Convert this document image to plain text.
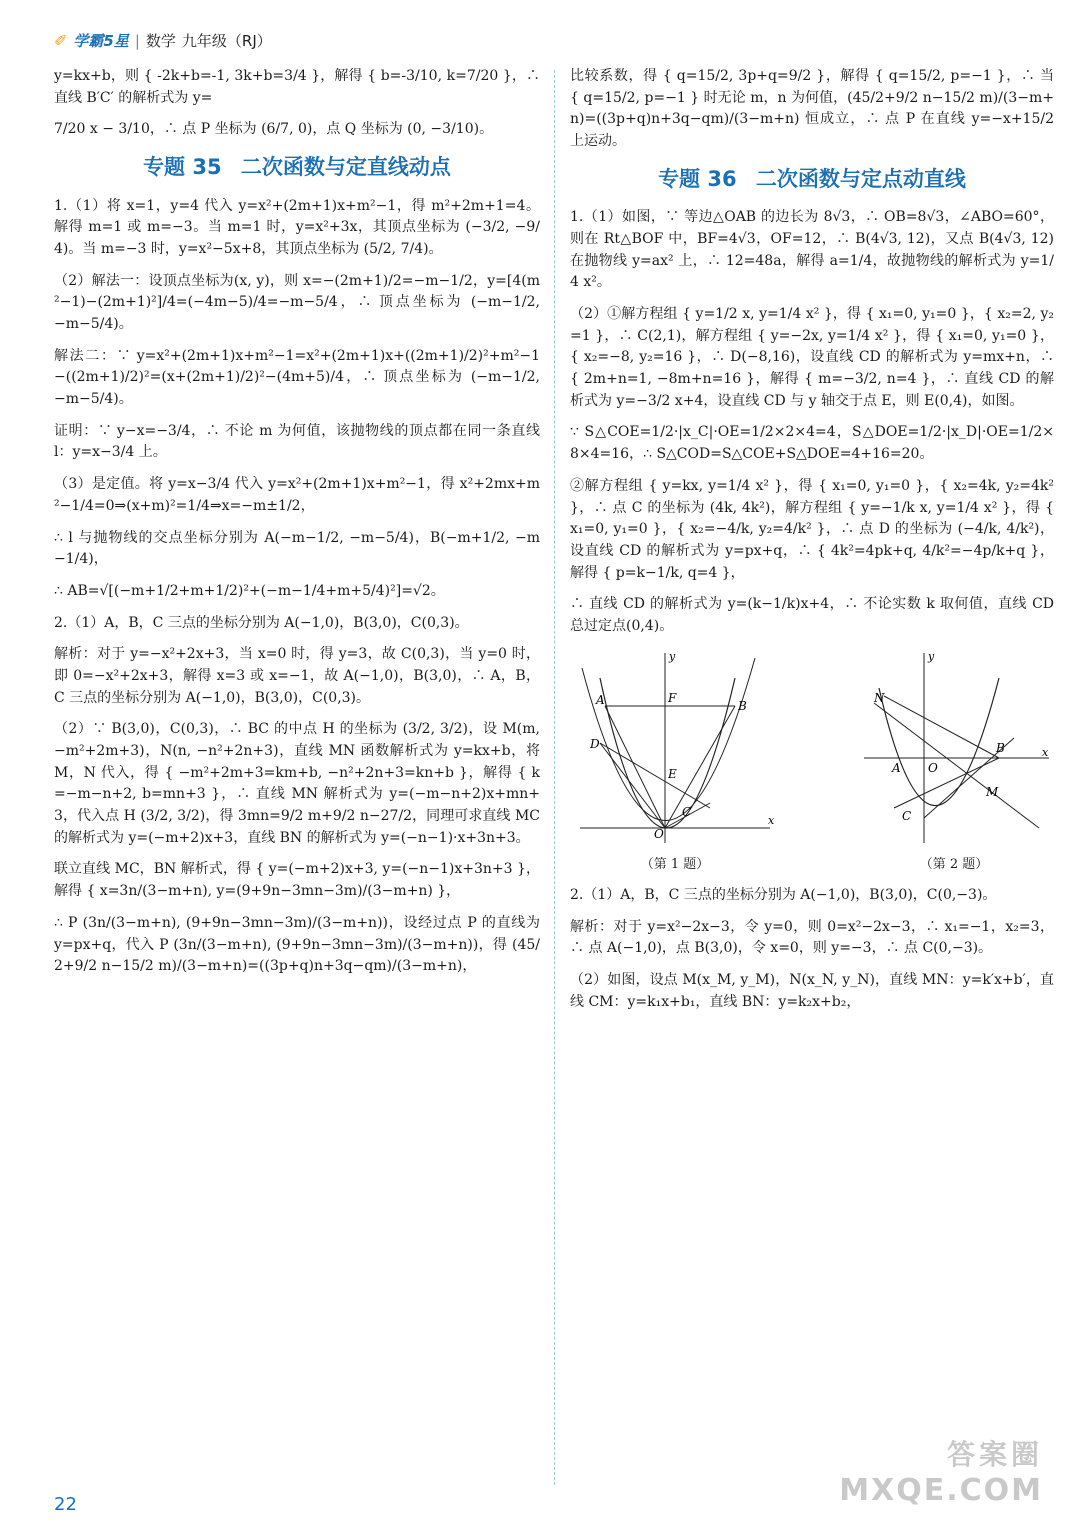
✐ 学霸5星 | 数学 九年级（RJ）

y=kx+b，则 { -2k+b=-1, 3k+b=3/4 }，解得 { b=-3/10, k=7/20 }，∴ 直线 B′C′ 的解析式为 y=

7/20 x − 3/10，∴ 点 P 坐标为 (6/7, 0)，点 Q 坐标为 (0, −3/10)。

专题 35 二次函数与定直线动点

1.（1）将 x=1，y=4 代入 y=x²+(2m+1)x+m²−1，得 m²+2m+1=4。解得 m=1 或 m=−3。当 m=1 时，y=x²+3x，其顶点坐标为 (−3/2, −9/4)。当 m=−3 时，y=x²−5x+8，其顶点坐标为 (5/2, 7/4)。

（2）解法一：设顶点坐标为(x, y)，则 x=−(2m+1)/2=−m−1/2，y=[4(m²−1)−(2m+1)²]/4=(−4m−5)/4=−m−5/4，∴ 顶点坐标为 (−m−1/2, −m−5/4)。

解法二：∵ y=x²+(2m+1)x+m²−1=x²+(2m+1)x+((2m+1)/2)²+m²−1−((2m+1)/2)²=(x+(2m+1)/2)²−(4m+5)/4，∴ 顶点坐标为 (−m−1/2, −m−5/4)。

证明：∵ y−x=−3/4，∴ 不论 m 为何值，该抛物线的顶点都在同一条直线 l：y=x−3/4 上。

（3）是定值。将 y=x−3/4 代入 y=x²+(2m+1)x+m²−1，得 x²+2mx+m²−1/4=0⇒(x+m)²=1/4⇒x=−m±1/2，

∴ l 与抛物线的交点坐标分别为 A(−m−1/2, −m−5/4)，B(−m+1/2, −m−1/4)，

∴ AB=√[(−m+1/2+m+1/2)²+(−m−1/4+m+5/4)²]=√2。

2.（1）A，B，C 三点的坐标分别为 A(−1,0)，B(3,0)，C(0,3)。

解析：对于 y=−x²+2x+3，当 x=0 时，得 y=3，故 C(0,3)，当 y=0 时，即 0=−x²+2x+3，解得 x=3 或 x=−1，故 A(−1,0)，B(3,0)，∴ A，B，C 三点的坐标分别为 A(−1,0)，B(3,0)，C(0,3)。

（2）∵ B(3,0)，C(0,3)，∴ BC 的中点 H 的坐标为 (3/2, 3/2)，设 M(m, −m²+2m+3)，N(n, −n²+2n+3)，直线 MN 函数解析式为 y=kx+b，将 M，N 代入，得 { −m²+2m+3=km+b, −n²+2n+3=kn+b }，解得 { k=−m−n+2, b=mn+3 }，∴ 直线 MN 解析式为 y=(−m−n+2)x+mn+3，代入点 H (3/2, 3/2)，得 3mn=9/2 m+9/2 n−27/2，同理可求直线 MC 的解析式为 y=(−m+2)x+3，直线 BN 的解析式为 y=(−n−1)·x+3n+3。

联立直线 MC，BN 解析式，得 { y=(−m+2)x+3, y=(−n−1)x+3n+3 }，解得 { x=3n/(3−m+n), y=(9+9n−3mn−3m)/(3−m+n) }，

∴ P (3n/(3−m+n), (9+9n−3mn−3m)/(3−m+n))，设经过点 P 的直线为 y=px+q，代入 P (3n/(3−m+n), (9+9n−3mn−3m)/(3−m+n))，得 (45/2+9/2 n−15/2 m)/(3−m+n)=((3p+q)n+3q−qm)/(3−m+n)，

比较系数，得 { q=15/2, 3p+q=9/2 }，解得 { q=15/2, p=−1 }，∴ 当 { q=15/2, p=−1 } 时无论 m，n 为何值，(45/2+9/2 n−15/2 m)/(3−m+n)=((3p+q)n+3q−qm)/(3−m+n) 恒成立，∴ 点 P 在直线 y=−x+15/2 上运动。

专题 36 二次函数与定点动直线

1.（1）如图，∵ 等边△OAB 的边长为 8√3，∴ OB=8√3，∠ABO=60°，则在 Rt△BOF 中，BF=4√3，OF=12，∴ B(4√3, 12)，又点 B(4√3, 12) 在抛物线 y=ax² 上，∴ 12=48a，解得 a=1/4，故抛物线的解析式为 y=1/4 x²。

（2）①解方程组 { y=1/2 x, y=1/4 x² }，得 { x₁=0, y₁=0 }，{ x₂=2, y₂=1 }，∴ C(2,1)，解方程组 { y=−2x, y=1/4 x² }，得 { x₁=0, y₁=0 }，{ x₂=−8, y₂=16 }，∴ D(−8,16)，设直线 CD 的解析式为 y=mx+n，∴ { 2m+n=1, −8m+n=16 }，解得 { m=−3/2, n=4 }，∴ 直线 CD 的解析式为 y=−3/2 x+4，设直线 CD 与 y 轴交于点 E，则 E(0,4)，如图。

∵ S△COE=1/2·|x_C|·OE=1/2×2×4=4，S△DOE=1/2·|x_D|·OE=1/2×8×4=16，∴ S△COD=S△COE+S△DOE=4+16=20。

②解方程组 { y=kx, y=1/4 x² }，得 { x₁=0, y₁=0 }，{ x₂=4k, y₂=4k² }，∴ 点 C 的坐标为 (4k, 4k²)，解方程组 { y=−1/k x, y=1/4 x² }，得 { x₁=0, y₁=0 }，{ x₂=−4/k, y₂=4/k² }，∴ 点 D 的坐标为 (−4/k, 4/k²)，设直线 CD 的解析式为 y=px+q，∴ { 4k²=4pk+q, 4/k²=−4p/k+q }，解得 { p=k−1/k, q=4 }，

∴ 直线 CD 的解析式为 y=(k−1/k)x+4，∴ 不论实数 k 取何值，直线 CD 总过定点(0,4)。

A	F
B
D
E
O
C
x
y
（第 1 题）
y
N
B
A O
x
M
C
（第 2 题）

2.（1）A，B，C 三点的坐标分别为 A(−1,0)，B(3,0)，C(0,−3)。

解析：对于 y=x²−2x−3，令 y=0，则 0=x²−2x−3，∴ x₁=−1，x₂=3，∴ 点 A(−1,0)，点 B(3,0)，令 x=0，则 y=−3，∴ 点 C(0,−3)。

（2）如图，设点 M(x_M, y_M)，N(x_N, y_N)，直线 MN：y=k′x+b′，直线 CM：y=k₁x+b₁，直线 BN：y=k₂x+b₂，

22
答案圈
MXQE.COM
